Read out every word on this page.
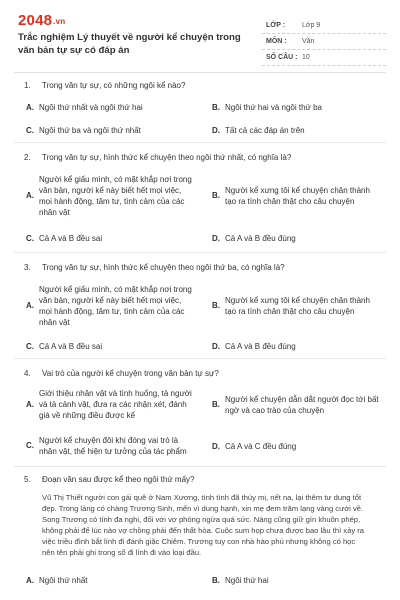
2048.vn
Trắc nghiệm Lý thuyết về người kể chuyện trong văn bản tự sự có đáp án
LỚP : Lớp 9
MÔN : Văn
SỐ CÂU : 10
1. Trong văn tự sự, có những ngôi kể nào?
A. Ngôi thứ nhất và ngôi thứ hai	B. Ngôi thứ hai và ngôi thứ ba
C. Ngôi thứ ba và ngôi thứ nhất	D. Tất cả các đáp án trên
2. Trong văn tự sự, hình thức kể chuyện theo ngôi thứ nhất, có nghĩa là?
A.
Người kể giấu mình, có mặt khắp nơi trong
văn bản, người kể này biết hết mọi việc,
mọi hành động, tâm tư, tình cảm của các
nhân vật
B.
Người kể xưng tôi kể chuyện chân thành
tạo ra tính chân thật cho câu chuyện
C. Cả A và B đều sai	D. Cả A và B đều đúng
3. Trong văn tự sự, hình thức kể chuyện theo ngôi thứ ba, có nghĩa là?
A.
Người kể giấu mình, có mặt khắp nơi trong
văn bản, người kể này biết hết mọi việc,
mọi hành động, tâm tư, tình cảm của các
nhân vật
B.
Người kể xưng tôi kể chuyện chân thành
tạo ra tính chân thật cho câu chuyện
C. Cả A và B đều sai	D. Cả A và B đều đúng
4. Vai trò của người kể chuyện trong văn bản tự sự?
A.
Giới thiệu nhân vật và tình huống, tả người
và tả cảnh vật, đưa ra các nhận xét, đánh
giá về những điều được kể
B.
Người kể chuyện dẫn dắt người đọc tới bất
ngờ và cao trào của chuyện
C.
Người kể chuyện đôi khi đóng vai trò là
nhân vật, thể hiện tư tưởng của tác phẩm
D. Cả A và C đều đúng
5. Đoạn văn sau được kể theo ngôi thứ mấy?
Vũ Thị Thiết người con gái quê ở Nam Xương, tính tình đã thùy mị, nết na, lại thêm tư dung tốt
đẹp. Trong làng có chàng Trương Sinh, mến vì dung hạnh, xin mẹ đem trăm lạng vàng cưới về.
Song Trương có tính đa nghi, đối với vợ phòng ngừa quá sức. Nàng cũng giữ gìn khuôn phép,
không phải để lúc nào vợ chồng phải đến thất hòa. Cuộc sum họp chưa được bao lâu thì xảy ra
việc triều đình bắt lính đi đánh giặc Chiêm. Trương tuy con nhà hào phú nhưng không có học
nên tên phải ghi trong sổ đi lính đi vào loại đầu.
A. Ngôi thứ nhất	B. Ngôi thứ hai
